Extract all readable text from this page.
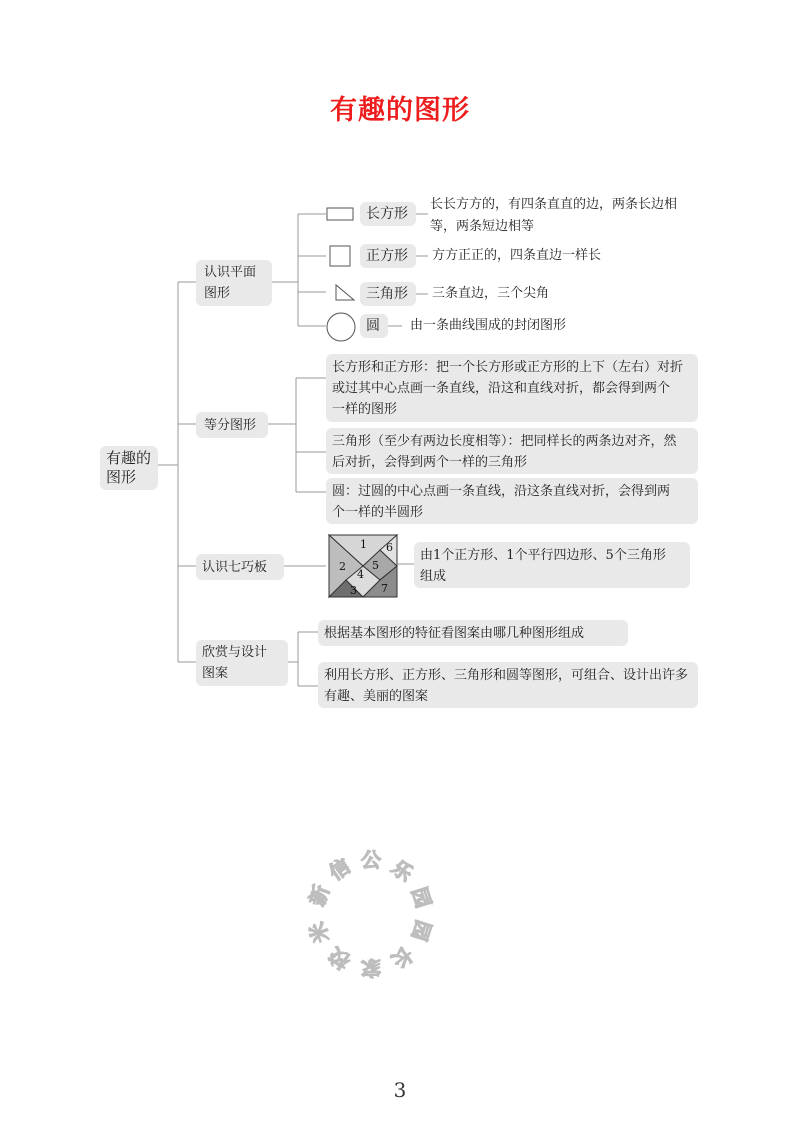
有趣的图形
1
2
3
4
5
6
7
有趣的
图形
认识平面
图形
长方形
长长方方的，有四条直直的边，两条长边相
等，两条短边相等
正方形	方方正正的，四条直边一样长
三角形	三条直边，三个尖角
圆	由一条曲线围成的封闭图形
等分图形
长方形和正方形：把一个长方形或正方形的上下（左右）对折
或过其中心点画一条直线，沿这和直线对折，都会得到两个
一样的图形
三角形（至少有两边长度相等）：把同样长的两条边对齐，然
后对折，会得到两个一样的三角形
圆：过圆的中心点画一条直线，沿这条直线对折，会得到两
个一样的半圆形
认识七巧板
由1个正方形、1个平行四边形、5个三角形
组成
欣赏与设计
图案
根据基本图形的特征看图案由哪几种图形组成
利用长方形、正方形、三角形和圆等图形，可组合、设计出许多
有趣、美丽的图案
新
信 公 乐
园
园
长
家
校
米
3
